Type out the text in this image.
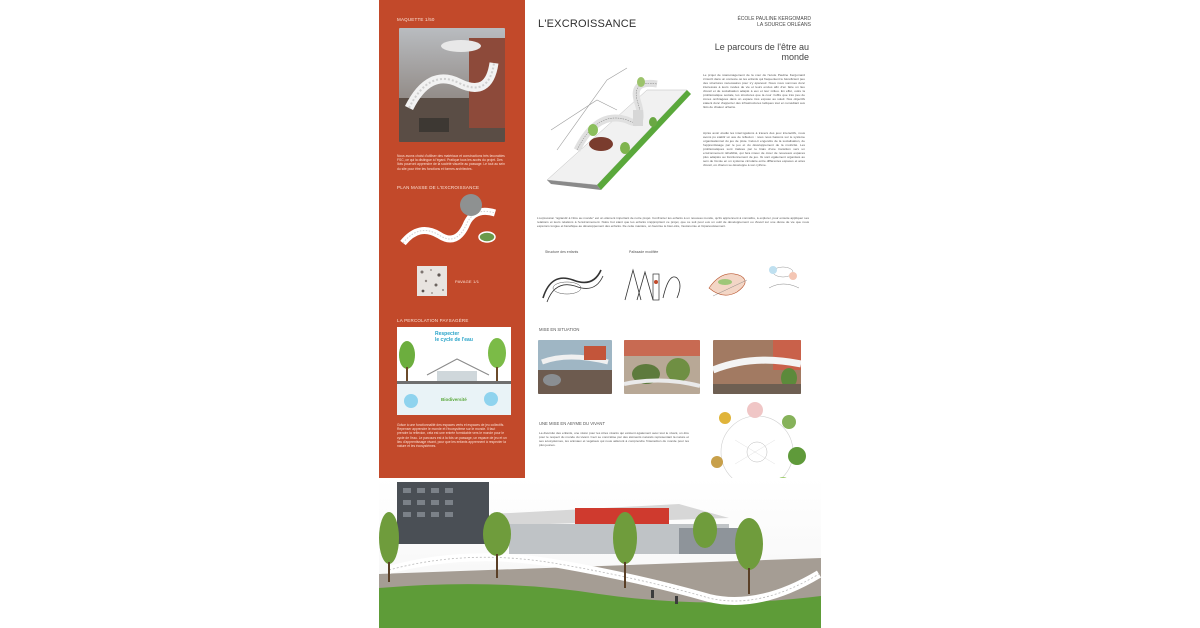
MAQUETTE 1/50
Nous avons choisi d'utiliser des matériaux et constructions très favorables FSC, ce qui la distingue à l'égard. Pratique tous les accès du projet. Des îlots pourront apprendre de la société visuelle au passage. Le tout au sein du site pour être les fonctions et formes architectes.
PLAN MASSE DE L'EXCROISSANCE
PAVAGE 1/1
LA PERCOLATION PAYSAGÈRE
Respecter
le cycle de l'eau
Biodiversité
Grâce à une fonctionnalité des espaces verts et espaces de jeu collectifs. Repenser apprendre le monde et l'écosystème sur le monde. Il faut prendre la reflexion, cela est une entrée formidable vers le monde pour le cycle de l'eau. Le parcours est à la fois un passage, un espace de jeu et un lieu d'apprentissage vivant, pour que les enfants apprennent à respecter la nature et les écosystèmes.
L'EXCROISSANCE	ÉCOLE PAULINE KERGOMARD
LA SOURCE ORLÉANS
Le parcours de l'être au monde
Le projet de réaménagement de la cour de l'école Pauline Kergomard s'inscrit dans un contexte où les enfants qui fréquentent le bénéficient peu des structures nécessaires pour s'y épanouir. Nous nous sommes donc intéressés à leurs modes de vie et leurs envies afin d'en faire un lieu d'éveil et de socialisation adapté à eux et leur milieu. En effet, outre la problématique sociale, les structures que la cour n'offre que très peu de zones ombragées dans un espace très exposé au soleil. Nos objectifs étaient donc d'apporter des infrastructures ludiques tout en remédiant aux îlots de chaleur urbains.
Après avoir étudié les interrogations à travers des jeux interactifs, nous avons pu établir un axe de réflexion : nous nous basions sur le système organisationnel du jeu de piste. Celui-ci engendre de la socialisation, de l'apprentissage par le jeu et du développement de la motricité. Les problématiques sont traitées par le biais d'une transition vers un environnement réhabilité, qui fera mieux de créer de nouveaux espaces plus adaptés au fonctionnement de jeu. Ils sont également organisés au sein de l'école en un système circulaire entre différentes espaces et aires d'éveil, où chacun se développe à son rythme.
L'expression "agrandir à l'être au monde" est un élément important de notre projet. Confronter les enfants à un nouveau monde, qu'ils apprennent à connaître, à explorer, pour ensuite appliquer ses relations et leurs relations à l'environnement. Notre but étant que les enfants s'approprient ce projet, que ce soit pour eux un outil de développement ou d'éveil sur une durée de vie que nous espérons longue et bénéfique au développement des enfants. De cette manière, on favorise le bien-être, l'autonomie et l'épanouissement.
Structure des enfants	Palissade modifiée
MISE EN SITUATION
UNE MISE EN ABYME DU VIVANT
La diversité des enfants, une vision pour les êtres vivants qui existent également avec tout le vivant, un être pour le respect du monde du vivant. Ceci se concrétise par des éléments naturels représentant la nature et ses écosystèmes, les animaux et végétaux qui nous aideront à comprendre l'interaction du monde pour les plus jeunes.
